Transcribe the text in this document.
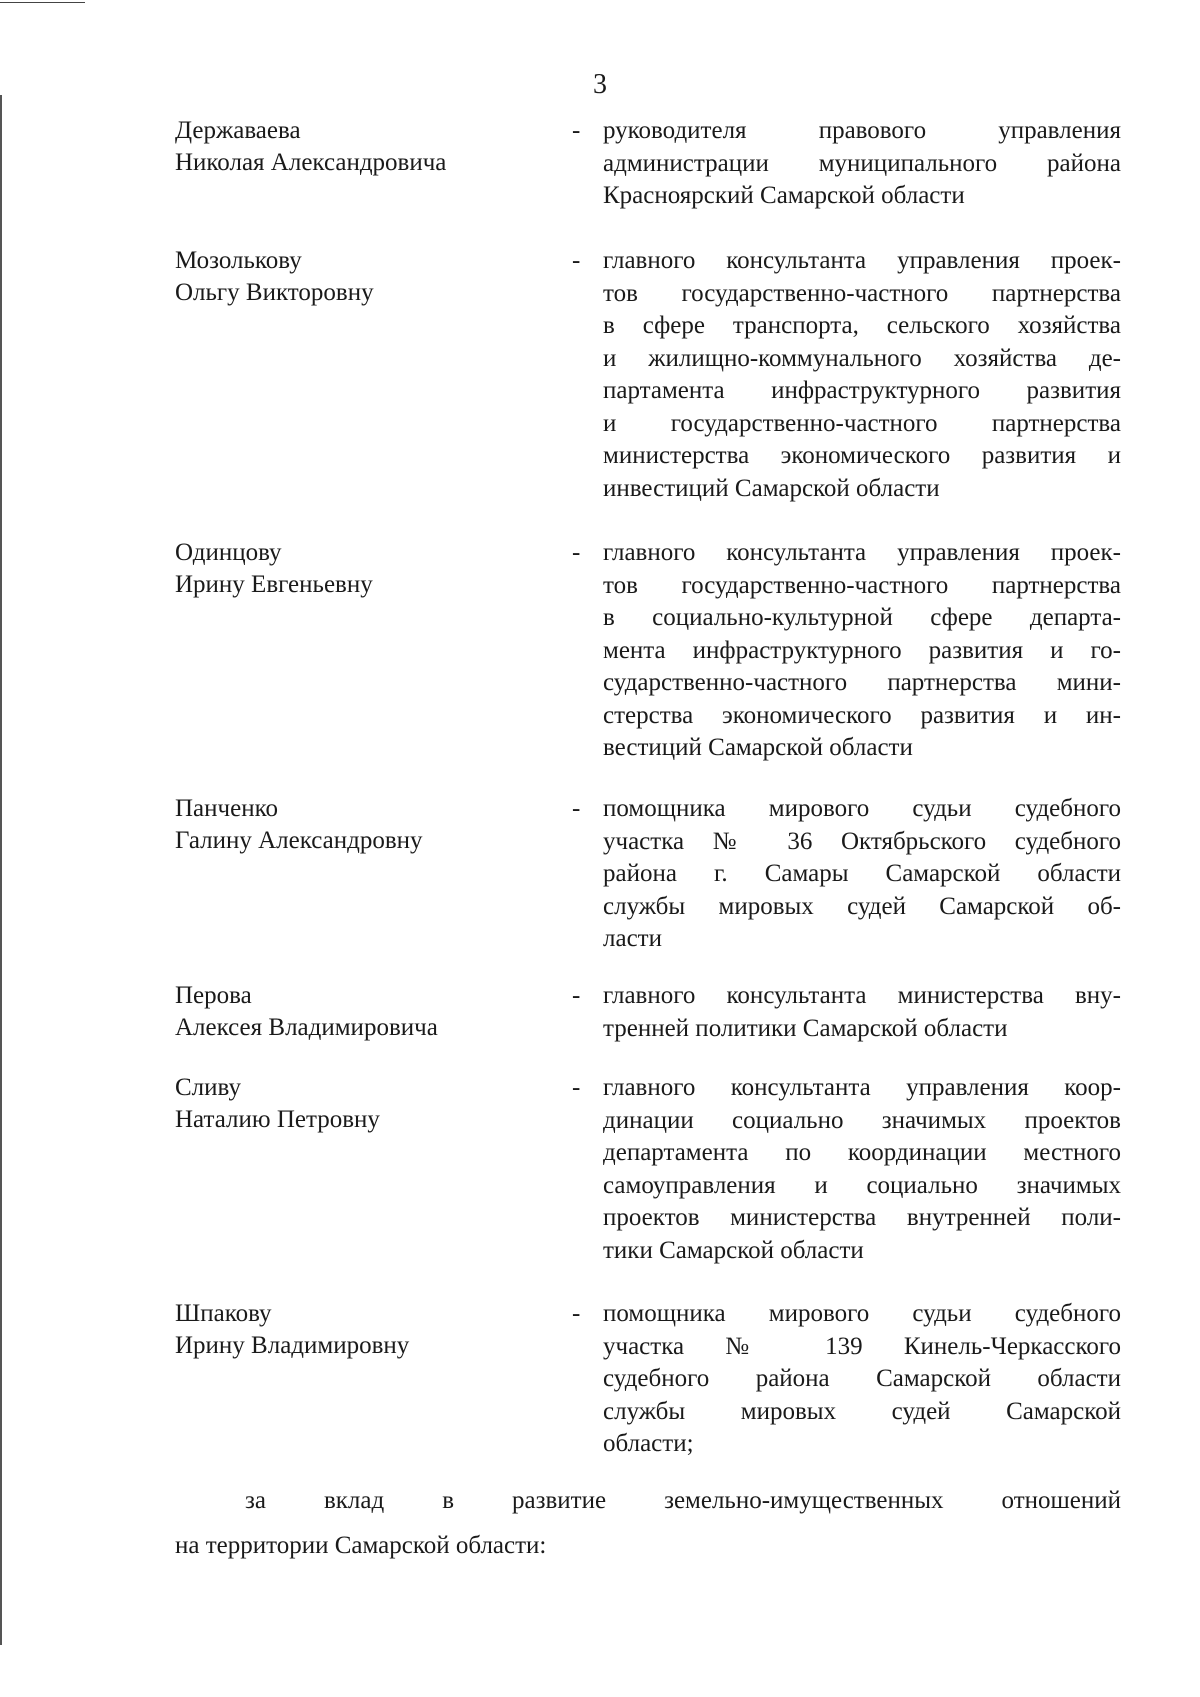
3
Державаева
Николая Александровича
- руководителя правового управления
администрации муниципального района
Красноярский Самарской области
Мозолькову
Ольгу Викторовну
- главного консультанта управления проек-
тов государственно-частного партнерства
в сфере транспорта, сельского хозяйства
и жилищно-коммунального хозяйства де-
партамента инфраструктурного развития
и государственно-частного партнерства
министерства экономического развития и
инвестиций Самарской области
Одинцову
Ирину Евгеньевну
- главного консультанта управления проек-
тов государственно-частного партнерства
в социально-культурной сфере департа-
мента инфраструктурного развития и го-
сударственно-частного партнерства мини-
стерства экономического развития и ин-
вестиций Самарской области
Панченко
Галину Александровну
- помощника мирового судьи судебного
участка № 36 Октябрьского судебного
района г. Самары Самарской области
службы мировых судей Самарской об-
ласти
Перова
Алексея Владимировича
- главного консультанта министерства вну-
тренней политики Самарской области
Сливу
Наталию Петровну
- главного консультанта управления коор-
динации социально значимых проектов
департамента по координации местного
самоуправления и социально значимых
проектов министерства внутренней поли-
тики Самарской области
Шпакову
Ирину Владимировну
- помощника мирового судьи судебного
участка № 139 Кинель-Черкасского
судебного района Самарской области
службы мировых судей Самарской
области;
за вклад в развитие земельно-имущественных отношений
на территории Самарской области:
